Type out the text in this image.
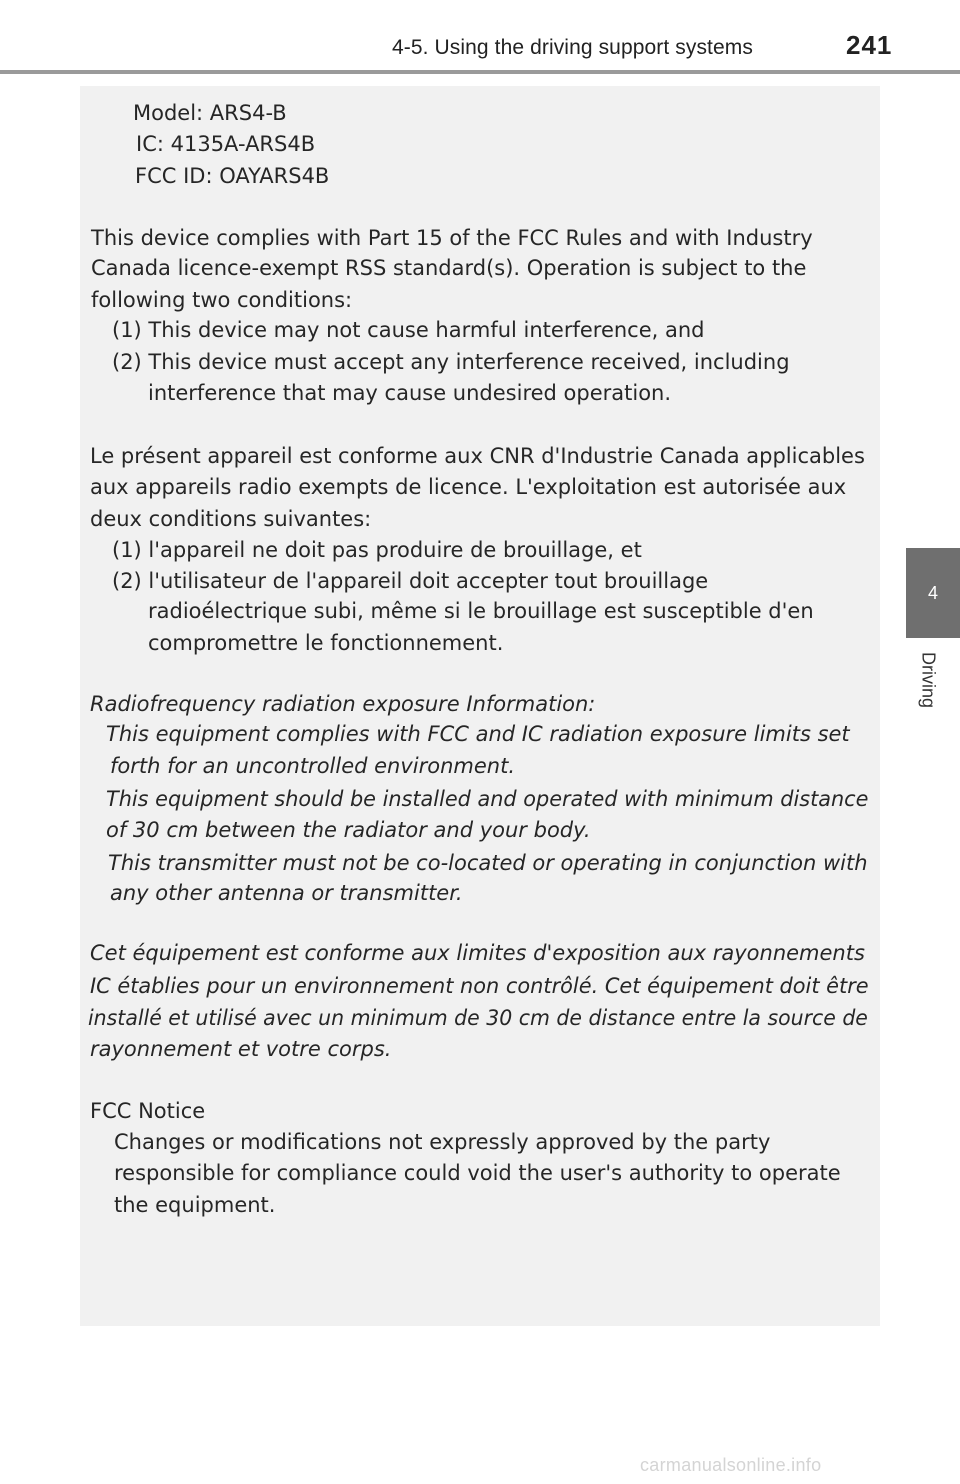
4-5. Using the driving support systems	241
4
Driving
Model: ARS4-B
IC: 4135A-ARS4B
FCC ID: OAYARS4B
This device complies with Part 15 of the FCC Rules and with Industry
Canada licence-exempt RSS standard(s). Operation is subject to the
following two conditions:
(1) This device may not cause harmful interference, and
(2) This device must accept any interference received, including
interference that may cause undesired operation.
Le présent appareil est conforme aux CNR d'Industrie Canada applicables
aux appareils radio exempts de licence. L'exploitation est autorisée aux
deux conditions suivantes:
(1) l'appareil ne doit pas produire de brouillage, et
(2) l'utilisateur de l'appareil doit accepter tout brouillage
radioélectrique subi, même si le brouillage est susceptible d'en
compromettre le fonctionnement.
Radiofrequency radiation exposure Information:
This equipment complies with FCC and IC radiation exposure limits set
forth for an uncontrolled environment.
This equipment should be installed and operated with minimum distance
of 30 cm between the radiator and your body.
This transmitter must not be co-located or operating in conjunction with
any other antenna or transmitter.
Cet équipement est conforme aux limites d'exposition aux rayonnements
IC établies pour un environnement non contrôlé. Cet équipement doit être
installé et utilisé avec un minimum de 30 cm de distance entre la source de
rayonnement et votre corps.
FCC Notice
Changes or modifications not expressly approved by the party
responsible for compliance could void the user's authority to operate
the equipment.
carmanualsonline.info
